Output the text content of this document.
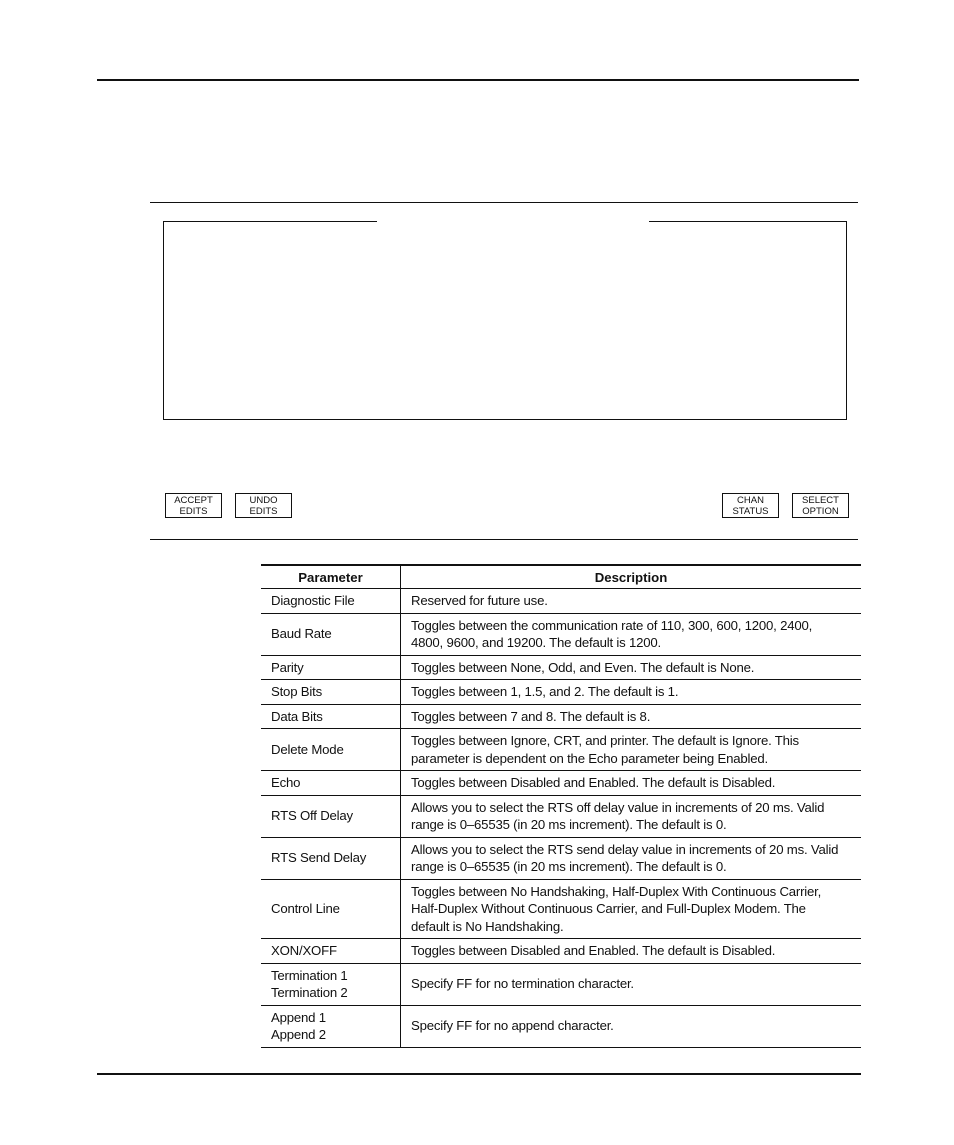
ACCEPT
EDITS
UNDO
EDITS
CHAN
STATUS
SELECT
OPTION
Parameter	Description

Diagnostic File	Reserved for future use.

Baud Rate	Toggles between the communication rate of 110, 300, 600, 1200, 2400, 4800, 9600, and 19200. The default is 1200.

Parity	Toggles between None, Odd, and Even. The default is None.

Stop Bits	Toggles between 1, 1.5, and 2. The default is 1.

Data Bits	Toggles between 7 and 8. The default is 8.

Delete Mode	Toggles between Ignore, CRT, and printer. The default is Ignore. This parameter is dependent on the Echo parameter being Enabled.

Echo	Toggles between Disabled and Enabled. The default is Disabled.

RTS Off Delay	Allows you to select the RTS off delay value in increments of 20 ms. Valid range is 0–65535 (in 20 ms increment). The default is 0.

RTS Send Delay	Allows you to select the RTS send delay value in increments of 20 ms. Valid range is 0–65535 (in 20 ms increment). The default is 0.

Control Line	Toggles between No Handshaking, Half-Duplex With Continuous Carrier, Half-Duplex Without Continuous Carrier, and Full-Duplex Modem. The default is No Handshaking.

XON/XOFF	Toggles between Disabled and Enabled. The default is Disabled.

Termination 1
Termination 2	Specify FF for no termination character.

Append 1
Append 2	Specify FF for no append character.
